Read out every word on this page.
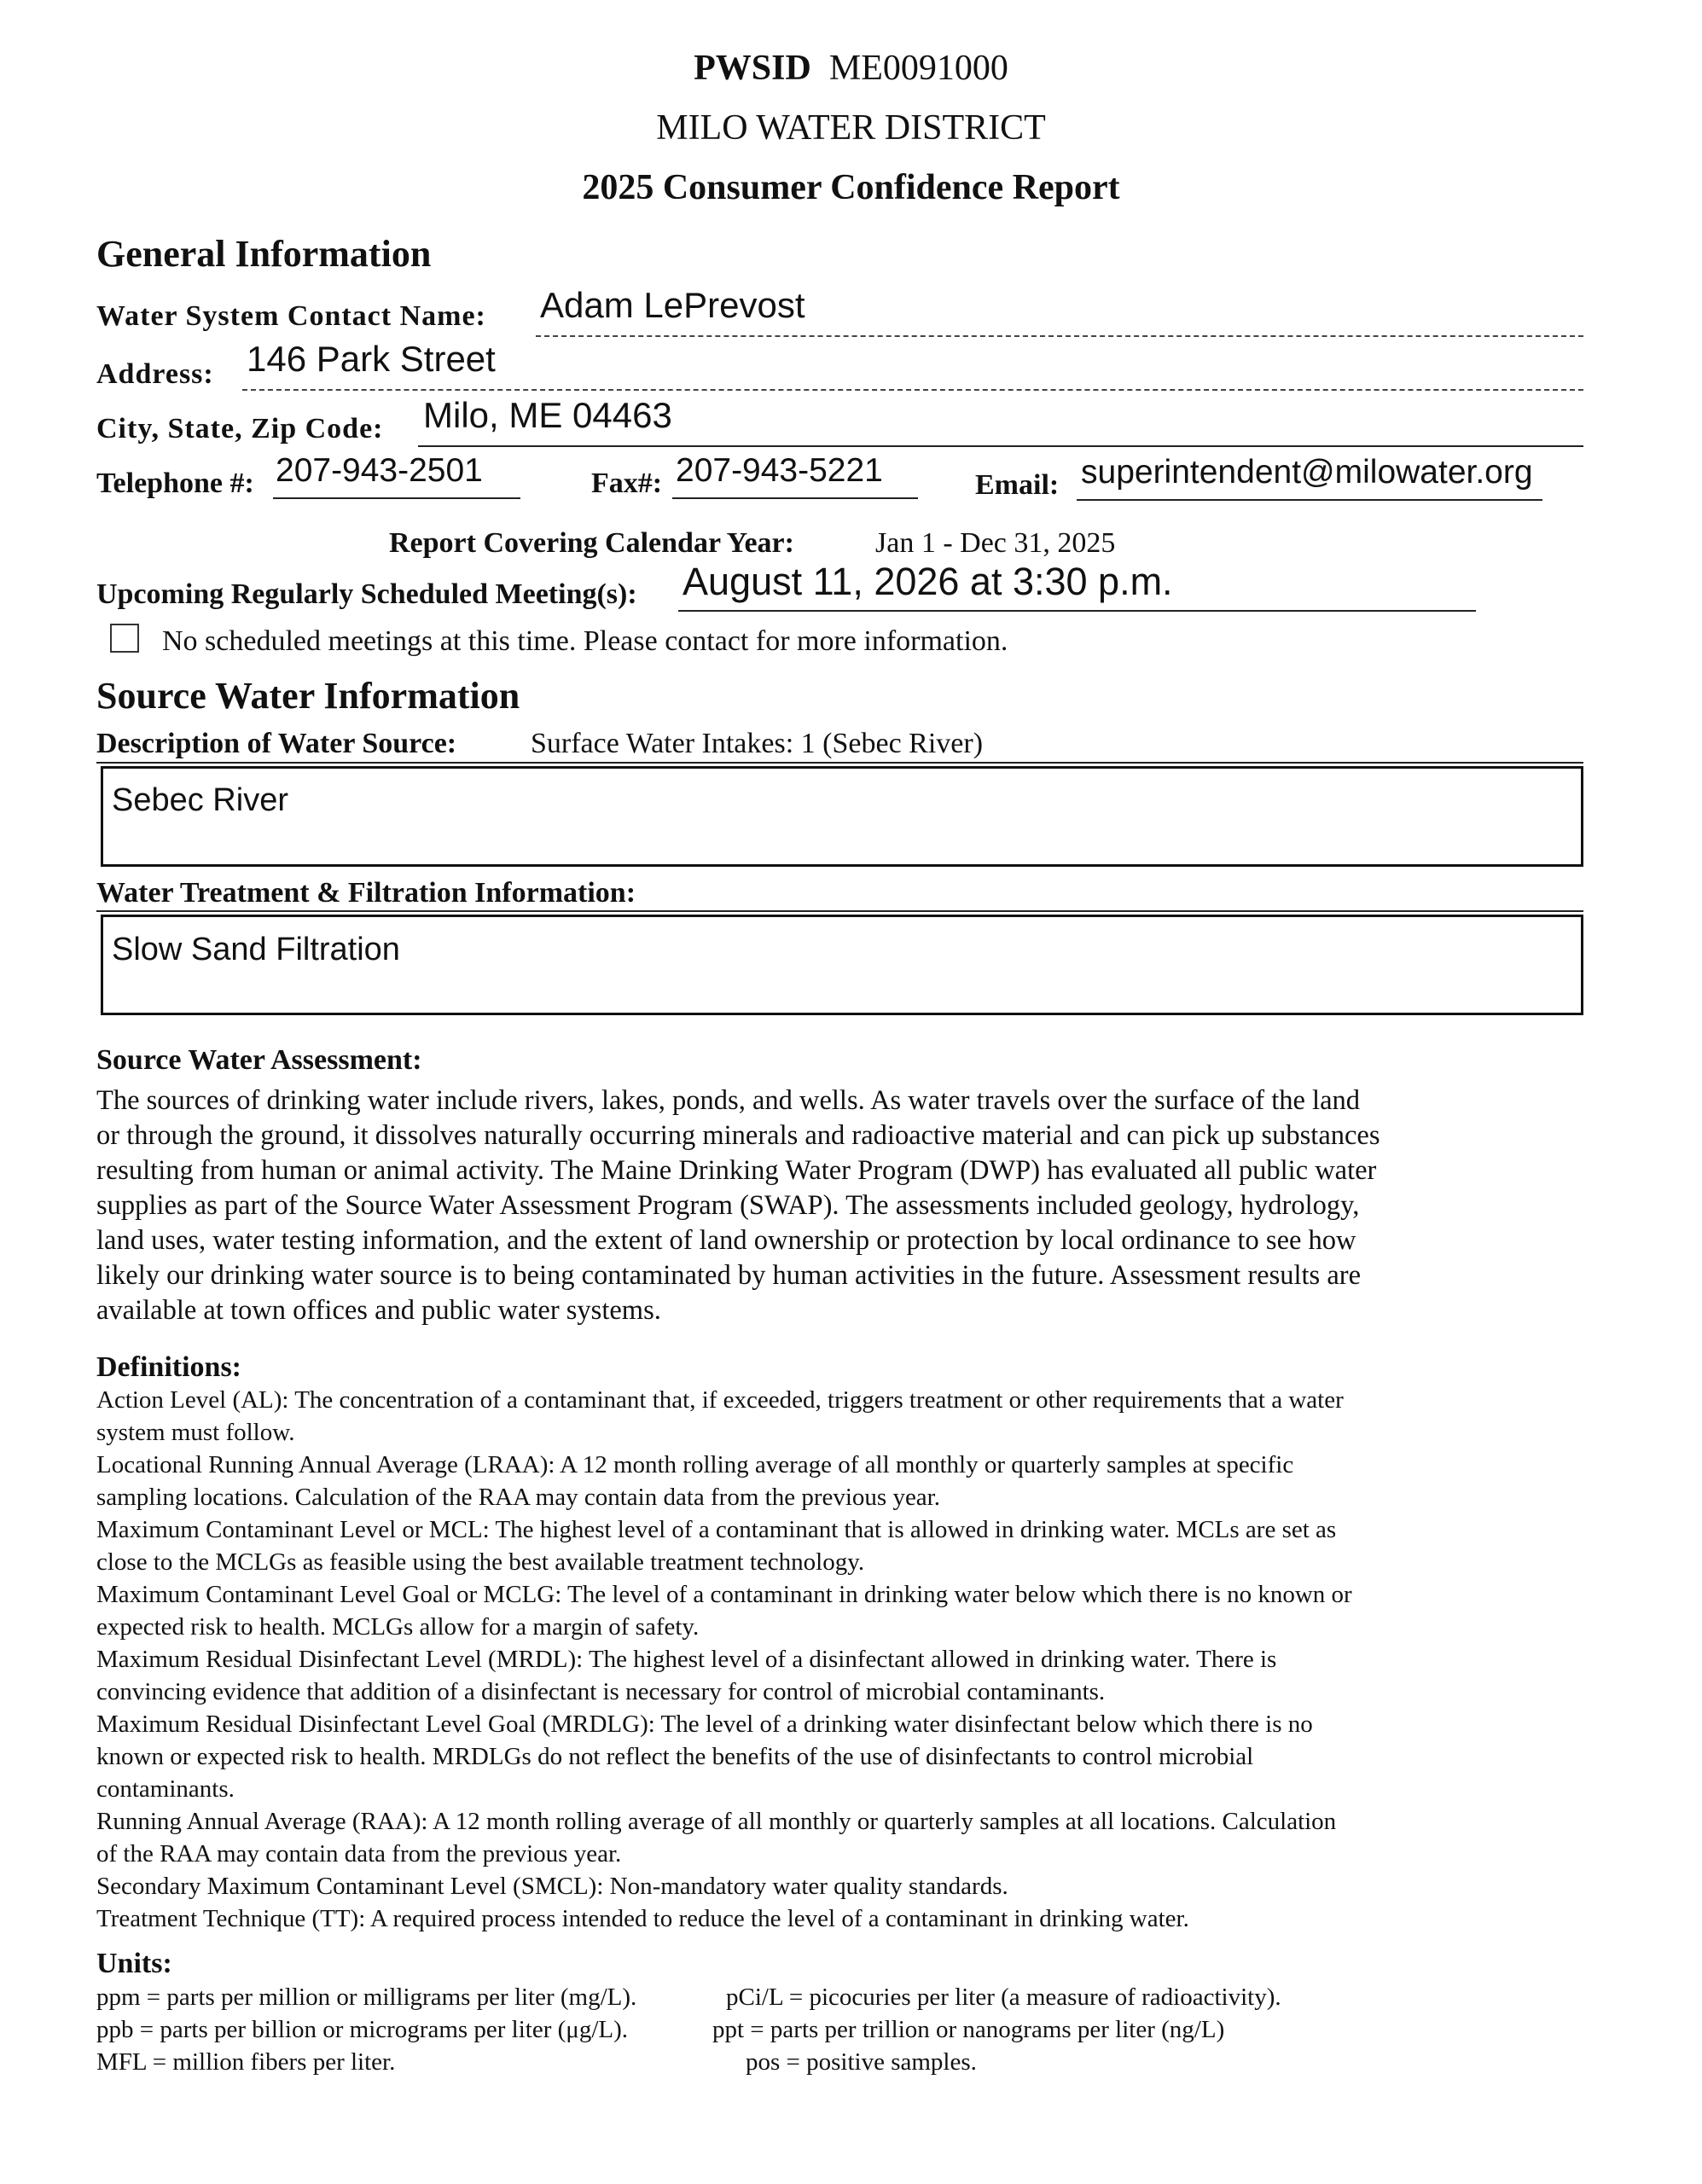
PWSID ME0091000
MILO WATER DISTRICT
2025 Consumer Confidence Report
General Information
Water System Contact Name: Adam LePrevost
Address: 146 Park Street
City, State, Zip Code: Milo, ME 04463
Telephone #: 207-943-2501	Fax#: 207-943-5221	Email: superintendent@milowater.org
Report Covering Calendar Year:	Jan 1 - Dec 31, 2025
Upcoming Regularly Scheduled Meeting(s): August 11, 2026 at 3:30 p.m.
No scheduled meetings at this time. Please contact for more information.
Source Water Information
Description of Water Source:	Surface Water Intakes: 1 (Sebec River)
Sebec River
Water Treatment & Filtration Information:
Slow Sand Filtration
Source Water Assessment:
The sources of drinking water include rivers, lakes, ponds, and wells. As water travels over the surface of the land
or through the ground, it dissolves naturally occurring minerals and radioactive material and can pick up substances
resulting from human or animal activity. The Maine Drinking Water Program (DWP) has evaluated all public water
supplies as part of the Source Water Assessment Program (SWAP). The assessments included geology, hydrology,
land uses, water testing information, and the extent of land ownership or protection by local ordinance to see how
likely our drinking water source is to being contaminated by human activities in the future. Assessment results are
available at town offices and public water systems.
Definitions:
Action Level (AL): The concentration of a contaminant that, if exceeded, triggers treatment or other requirements that a water
system must follow.
Locational Running Annual Average (LRAA): A 12 month rolling average of all monthly or quarterly samples at specific
sampling locations. Calculation of the RAA may contain data from the previous year.
Maximum Contaminant Level or MCL: The highest level of a contaminant that is allowed in drinking water. MCLs are set as
close to the MCLGs as feasible using the best available treatment technology.
Maximum Contaminant Level Goal or MCLG: The level of a contaminant in drinking water below which there is no known or
expected risk to health. MCLGs allow for a margin of safety.
Maximum Residual Disinfectant Level (MRDL): The highest level of a disinfectant allowed in drinking water. There is
convincing evidence that addition of a disinfectant is necessary for control of microbial contaminants.
Maximum Residual Disinfectant Level Goal (MRDLG): The level of a drinking water disinfectant below which there is no
known or expected risk to health. MRDLGs do not reflect the benefits of the use of disinfectants to control microbial
contaminants.
Running Annual Average (RAA): A 12 month rolling average of all monthly or quarterly samples at all locations. Calculation
of the RAA may contain data from the previous year.
Secondary Maximum Contaminant Level (SMCL): Non-mandatory water quality standards.
Treatment Technique (TT): A required process intended to reduce the level of a contaminant in drinking water.
Units:
ppm = parts per million or milligrams per liter (mg/L).	pCi/L = picocuries per liter (a measure of radioactivity).
ppb = parts per billion or micrograms per liter (μg/L).	ppt = parts per trillion or nanograms per liter (ng/L)
MFL = million fibers per liter.	pos = positive samples.
